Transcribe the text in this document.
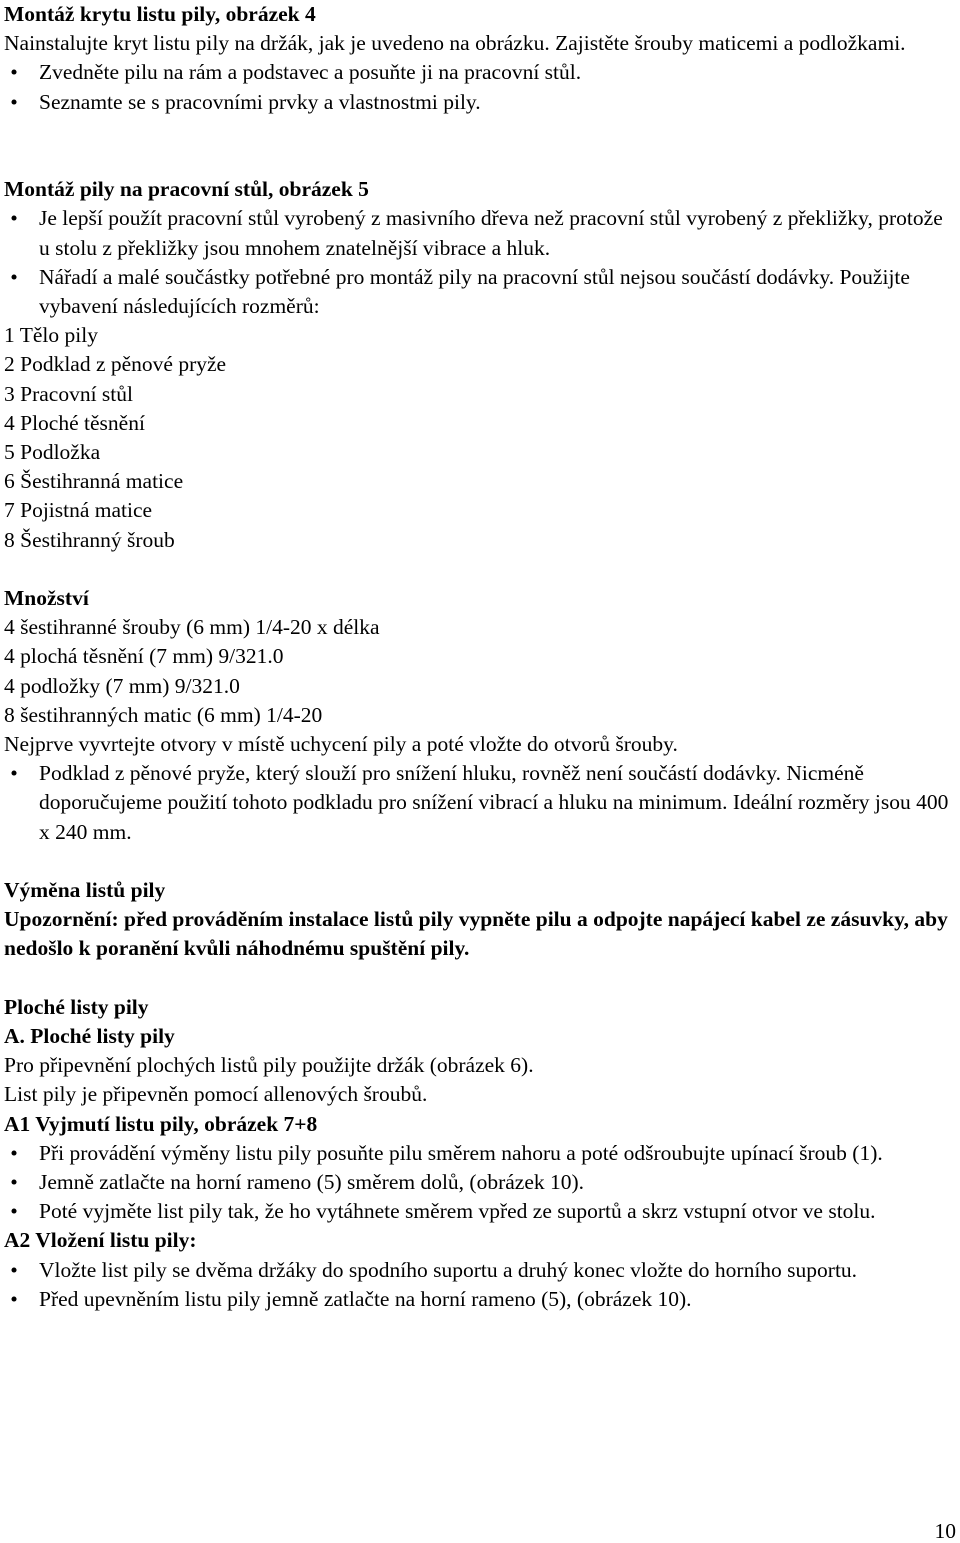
Montáž krytu listu pily, obrázek 4
Nainstalujte kryt listu pily na držák, jak je uvedeno na obrázku. Zajistěte šrouby maticemi a podložkami.
• Zvedněte pilu na rám a podstavec a posuňte ji na pracovní stůl.
• Seznamte se s pracovními prvky a vlastnostmi pily.
Montáž pily na pracovní stůl, obrázek 5
• Je lepší použít pracovní stůl vyrobený z masivního dřeva než pracovní stůl vyrobený z překližky, protože u stolu z překližky jsou mnohem znatelnější vibrace a hluk.
• Nářadí a malé součástky potřebné pro montáž pily na pracovní stůl nejsou součástí dodávky. Použijte vybavení následujících rozměrů:
1 Tělo pily
2 Podklad z pěnové pryže
3 Pracovní stůl
4 Ploché těsnění
5 Podložka
6 Šestihranná matice
7 Pojistná matice
8 Šestihranný šroub
Množství
4 šestihranné šrouby (6 mm) 1/4-20 x délka
4 plochá těsnění (7 mm) 9/321.0
4 podložky (7 mm) 9/321.0
8 šestihranných matic (6 mm) 1/4-20
Nejprve vyvrtejte otvory v místě uchycení pily a poté vložte do otvorů šrouby.
• Podklad z pěnové pryže, který slouží pro snížení hluku, rovněž není součástí dodávky. Nicméně doporučujeme použití tohoto podkladu pro snížení vibrací a hluku na minimum. Ideální rozměry jsou 400 x 240 mm.
Výměna listů pily
Upozornění: před prováděním instalace listů pily vypněte pilu a odpojte napájecí kabel ze zásuvky, aby nedošlo k poranění kvůli náhodnému spuštění pily.
Ploché listy pily
A. Ploché listy pily
Pro připevnění plochých listů pily použijte držák (obrázek 6).
List pily je připevněn pomocí allenových šroubů.
A1 Vyjmutí listu pily, obrázek 7+8
• Při provádění výměny listu pily posuňte pilu směrem nahoru a poté odšroubujte upínací šroub (1).
• Jemně zatlačte na horní rameno (5) směrem dolů, (obrázek 10).
• Poté vyjměte list pily tak, že ho vytáhnete směrem vpřed ze suportů a skrz vstupní otvor ve stolu.
A2 Vložení listu pily:
• Vložte list pily se dvěma držáky do spodního suportu a druhý konec vložte do horního suportu.
• Před upevněním listu pily jemně zatlačte na horní rameno (5), (obrázek 10).
10
